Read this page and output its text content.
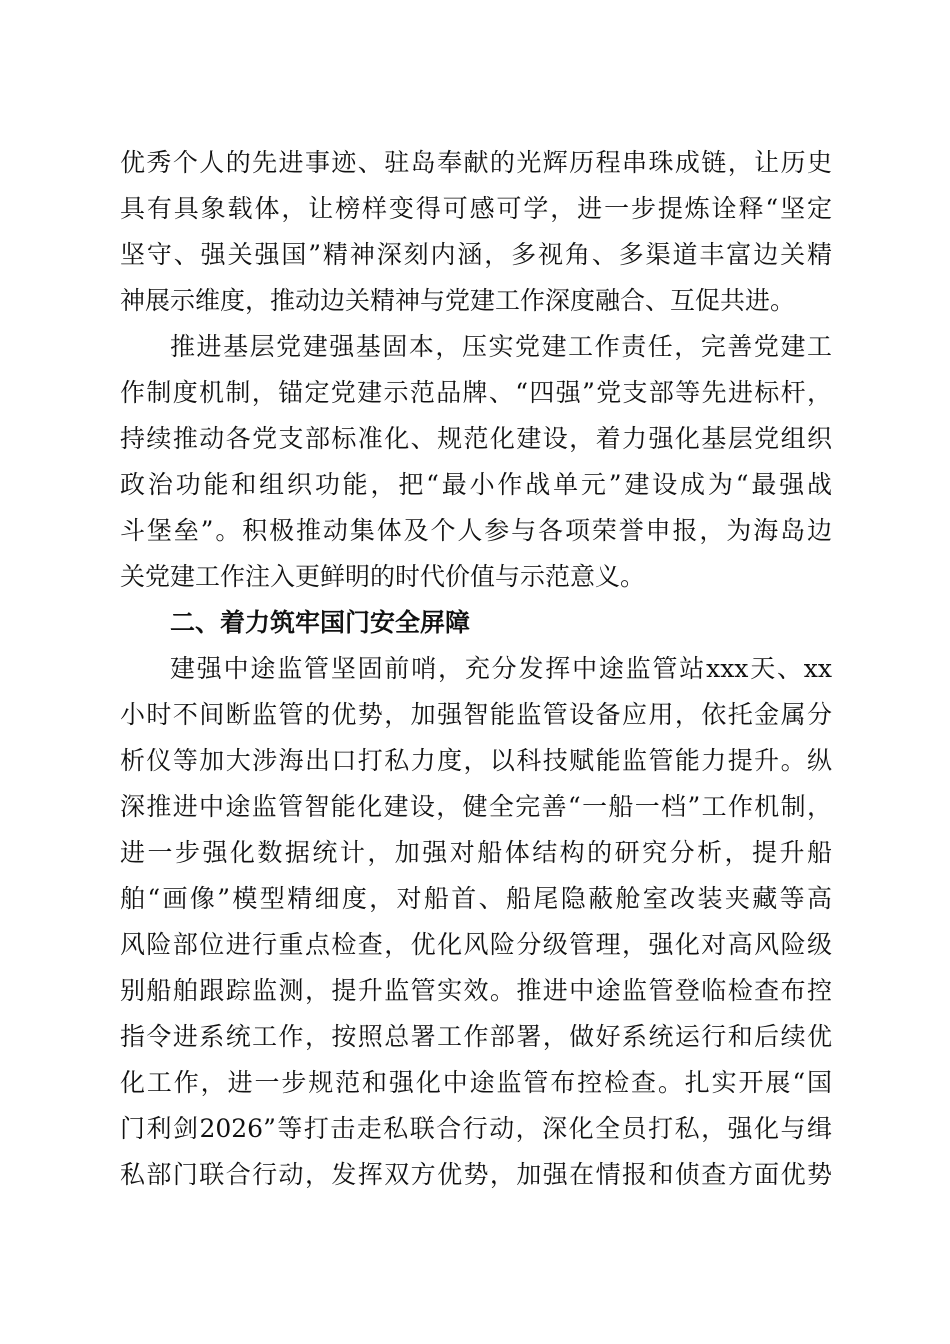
优秀个人的先进事迹、驻岛奉献的光辉历程串珠成链，让历史
具有具象载体，让榜样变得可感可学，进一步提炼诠释“坚定
坚守、强关强国”精神深刻内涵，多视角、多渠道丰富边关精
神展示维度，推动边关精神与党建工作深度融合、互促共进。
推进基层党建强基固本，压实党建工作责任，完善党建工
作制度机制，锚定党建示范品牌、“四强”党支部等先进标杆，
持续推动各党支部标准化、规范化建设，着力强化基层党组织
政治功能和组织功能，把“最小作战单元”建设成为“最强战
斗堡垒”。积极推动集体及个人参与各项荣誉申报，为海岛边
关党建工作注入更鲜明的时代价值与示范意义。
二、着力筑牢国门安全屏障
建强中途监管坚固前哨，充分发挥中途监管站xxx天、xx
小时不间断监管的优势，加强智能监管设备应用，依托金属分
析仪等加大涉海出口打私力度，以科技赋能监管能力提升。纵
深推进中途监管智能化建设，健全完善“一船一档”工作机制，
进一步强化数据统计，加强对船体结构的研究分析，提升船
舶“画像”模型精细度，对船首、船尾隐蔽舱室改装夹藏等高
风险部位进行重点检查，优化风险分级管理，强化对高风险级
别船舶跟踪监测，提升监管实效。推进中途监管登临检查布控
指令进系统工作，按照总署工作部署，做好系统运行和后续优
化工作，进一步规范和强化中途监管布控检查。扎实开展“国
门利剑2026”等打击走私联合行动，深化全员打私，强化与缉
私部门联合行动，发挥双方优势，加强在情报和侦查方面优势
